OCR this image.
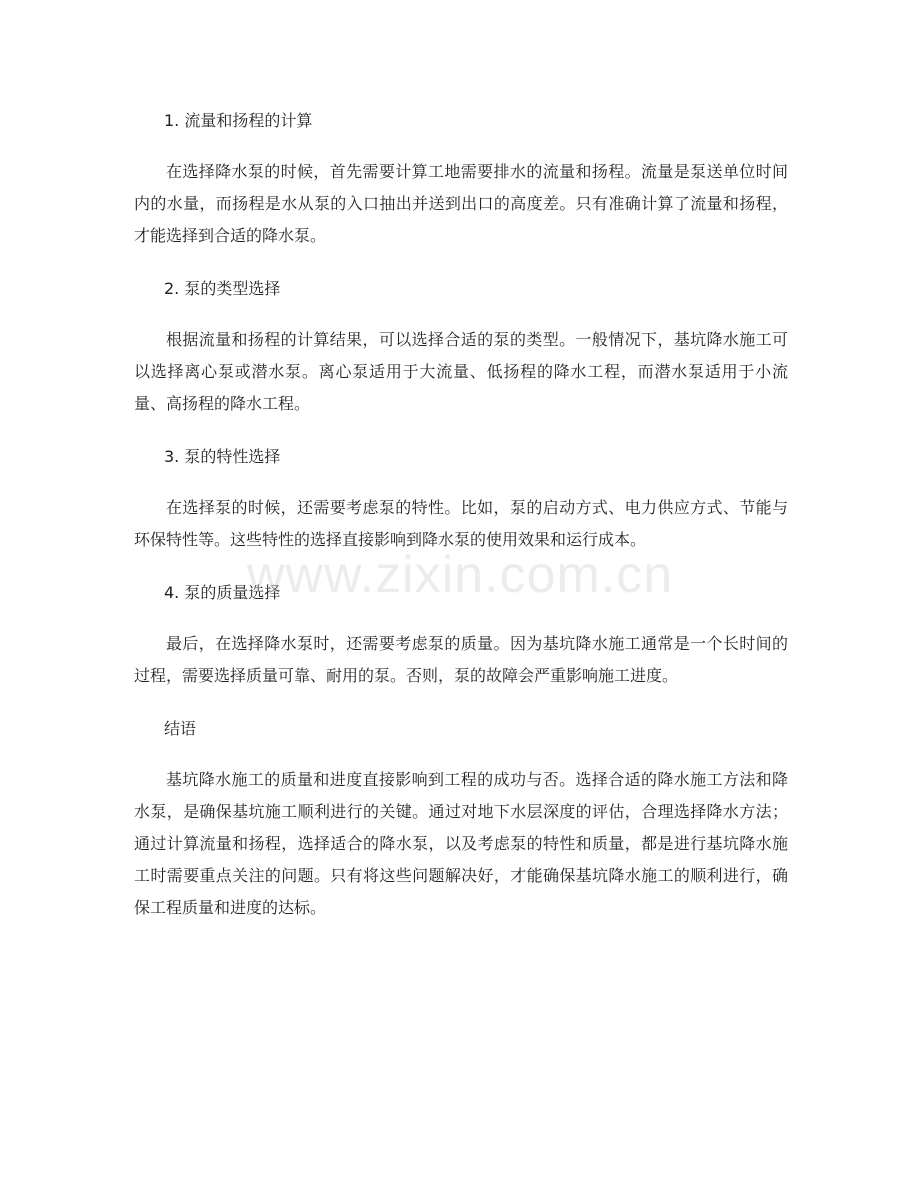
1. 流量和扬程的计算

在选择降水泵的时候，首先需要计算工地需要排水的流量和扬程。流量是泵送单位时间内的水量，而扬程是水从泵的入口抽出并送到出口的高度差。只有准确计算了流量和扬程，才能选择到合适的降水泵。

2. 泵的类型选择

根据流量和扬程的计算结果，可以选择合适的泵的类型。一般情况下，基坑降水施工可以选择离心泵或潜水泵。离心泵适用于大流量、低扬程的降水工程，而潜水泵适用于小流量、高扬程的降水工程。

3. 泵的特性选择

在选择泵的时候，还需要考虑泵的特性。比如，泵的启动方式、电力供应方式、节能与环保特性等。这些特性的选择直接影响到降水泵的使用效果和运行成本。

4. 泵的质量选择

最后，在选择降水泵时，还需要考虑泵的质量。因为基坑降水施工通常是一个长时间的过程，需要选择质量可靠、耐用的泵。否则，泵的故障会严重影响施工进度。

结语

基坑降水施工的质量和进度直接影响到工程的成功与否。选择合适的降水施工方法和降水泵，是确保基坑施工顺利进行的关键。通过对地下水层深度的评估，合理选择降水方法；通过计算流量和扬程，选择适合的降水泵，以及考虑泵的特性和质量，都是进行基坑降水施工时需要重点关注的问题。只有将这些问题解决好，才能确保基坑降水施工的顺利进行，确保工程质量和进度的达标。

www.zixin.com.cn
